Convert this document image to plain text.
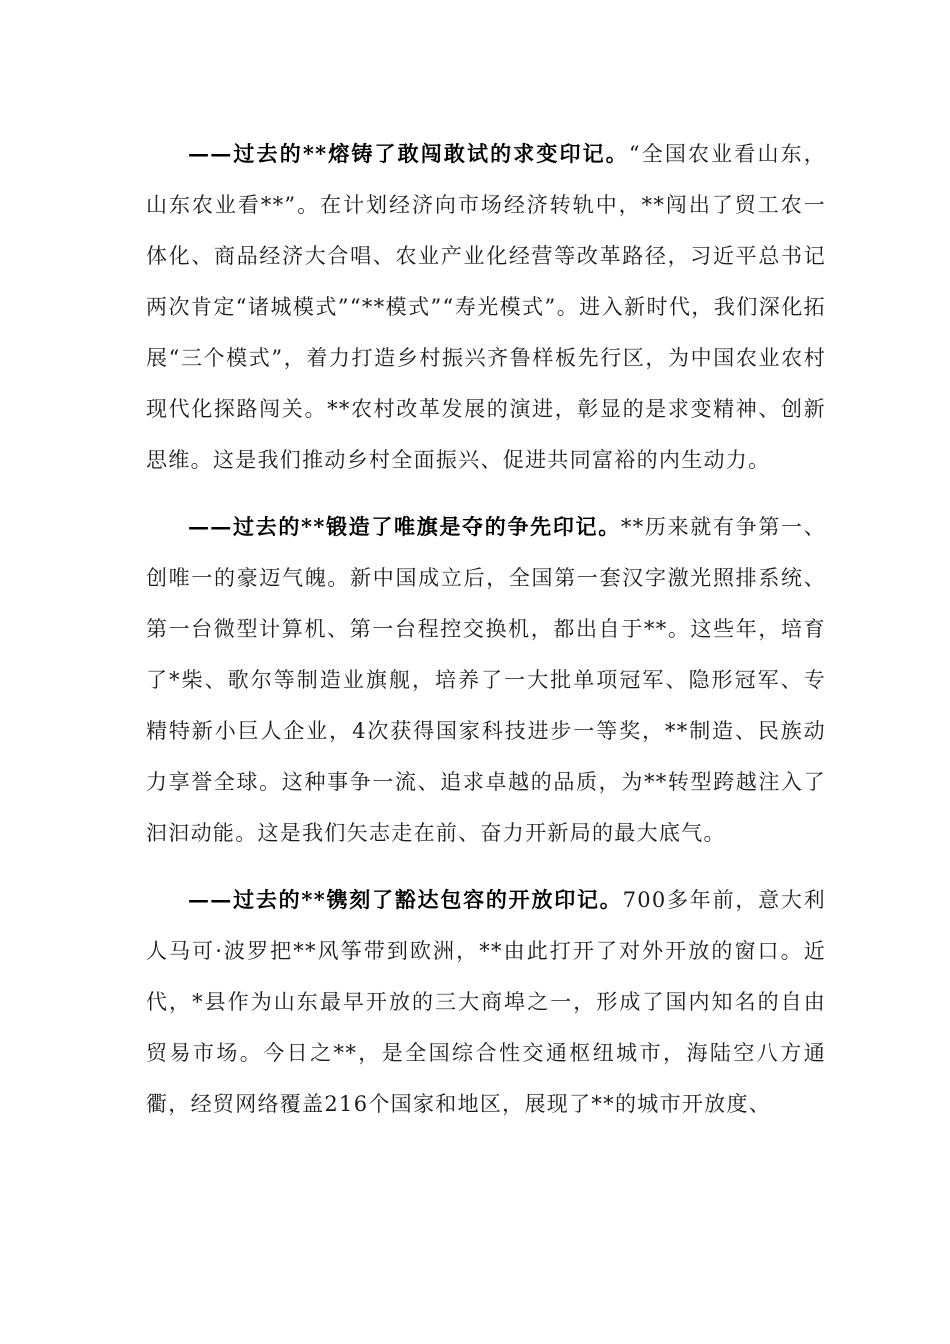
——过去的**熔铸了敢闯敢试的求变印记。“全国农业看山东，山东农业看**”。在计划经济向市场经济转轨中，**闯出了贸工农一体化、商品经济大合唱、农业产业化经营等改革路径，习近平总书记两次肯定“诸城模式”“**模式”“寿光模式”。进入新时代，我们深化拓展“三个模式”，着力打造乡村振兴齐鲁样板先行区，为中国农业农村现代化探路闯关。**农村改革发展的演进，彰显的是求变精神、创新思维。这是我们推动乡村全面振兴、促进共同富裕的内生动力。

——过去的**锻造了唯旗是夺的争先印记。**历来就有争第一、创唯一的豪迈气魄。新中国成立后，全国第一套汉字激光照排系统、第一台微型计算机、第一台程控交换机，都出自于**。这些年，培育了*柴、歌尔等制造业旗舰，培养了一大批单项冠军、隐形冠军、专精特新小巨人企业，4次获得国家科技进步一等奖，**制造、民族动力享誉全球。这种事争一流、追求卓越的品质，为**转型跨越注入了汩汩动能。这是我们矢志走在前、奋力开新局的最大底气。

——过去的**镌刻了豁达包容的开放印记。700多年前，意大利人马可·波罗把**风筝带到欧洲，**由此打开了对外开放的窗口。近代，*县作为山东最早开放的三大商埠之一，形成了国内知名的自由贸易市场。今日之**，是全国综合性交通枢纽城市，海陆空八方通衢，经贸网络覆盖216个国家和地区，展现了**的城市开放度、
